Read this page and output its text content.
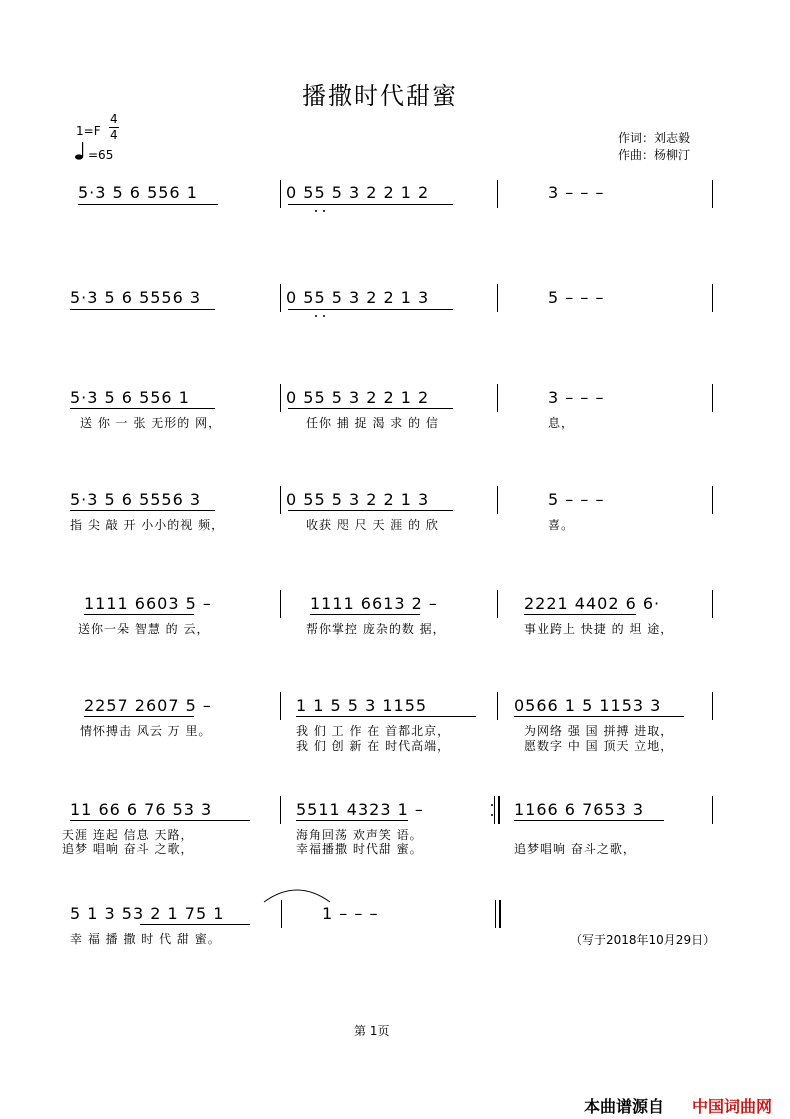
播撒时代甜蜜
1=F
4
4
=65
作词：刘志毅
作曲：杨柳汀
5·3 5 6 556 1	0 55 5 3 2 2 1 2	3 – – –
5·3 5 6 5556 3	0 55 5 3 2 2 1 3	5 – – –
5·3 5 6 556 1	0 55 5 3 2 2 1 2	3 – – –
送 你 一 张 无形的 网，	任你 捕 捉 渴 求 的 信	息，
5·3 5 6 5556 3	0 55 5 3 2 2 1 3	5 – – –
指 尖 敲 开 小小的视 频，	收获 咫 尺 天 涯 的 欣	喜。
1111 6603 5 –	1111 6613 2 –	2221 4402 6 6·
送你一朵 智慧 的 云，	帮你掌控 庞杂的数 据，	事业跨上 快捷 的 坦 途，
2257 2607 5 –	1 1 5 5 3 1155	0566 1 5 1153 3
情怀搏击 风云 万 里。	我 们 工 作 在 首都北京，	为网络 强 国 拼搏 进取，
我 们 创 新 在 时代高端，	愿数字 中 国 顶天 立地，
11 66 6 76 53 3	5511 4323 1 –	1166 6 7653 3
天涯 连起 信息 天路，	海角回荡 欢声笑 语。
追梦 唱响 奋斗 之歌，	幸福播撒 时代甜 蜜。	追梦唱响 奋斗之歌，
5 1 3 53 2 1 75 1	1 – – –
幸 福 播 撒 时 代 甜 蜜。	（写于2018年10月29日）
第 1页
本曲谱源自 中国词曲网
